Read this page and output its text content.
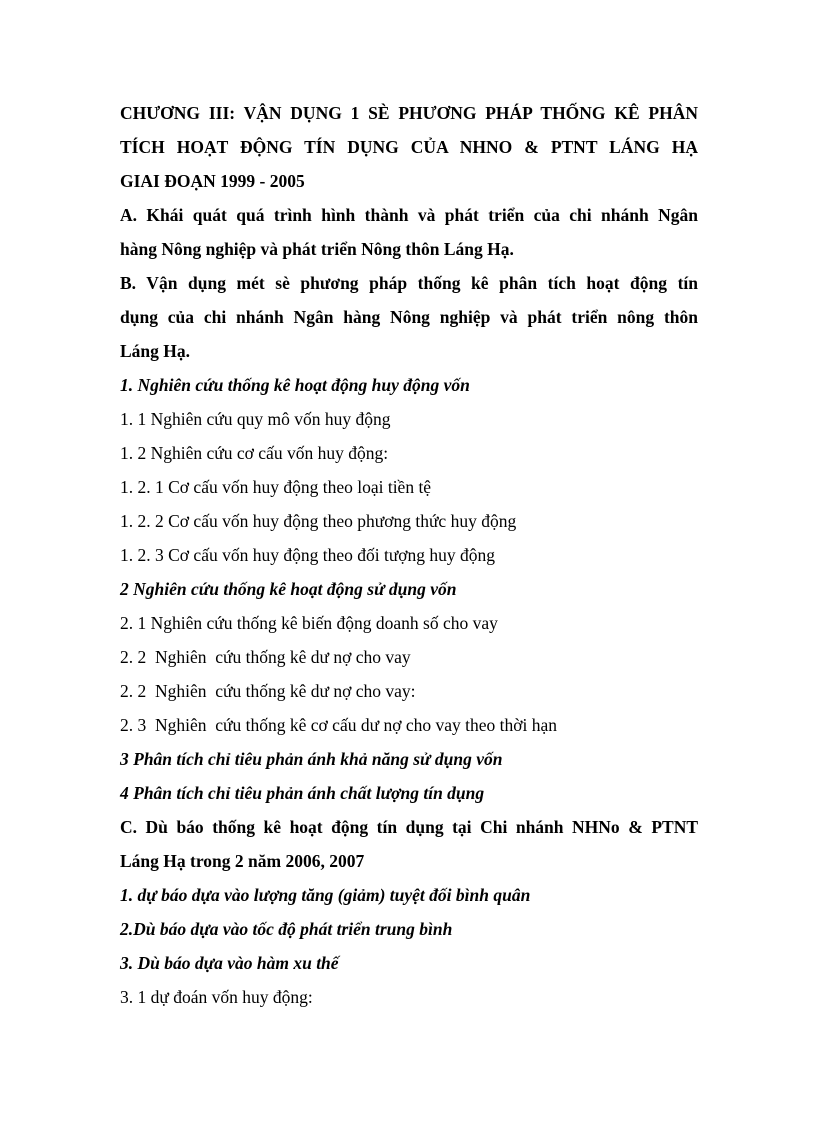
CHƯƠNG III: VẬN DỤNG 1 SÈ PHƯƠNG PHÁP THỐNG KÊ PHÂN
TÍCH HOẠT ĐỘNG TÍN DỤNG CỦA NHNO & PTNT LÁNG HẠ
GIAI ĐOẠN 1999 - 2005
A. Khái quát quá trình hình thành và phát triển của chi nhánh Ngân
hàng Nông nghiệp và phát triển Nông thôn Láng Hạ.
B. Vận dụng mét sè phương pháp thống kê phân tích hoạt động tín
dụng của chi nhánh Ngân hàng Nông nghiệp và phát triển nông thôn
Láng Hạ.
1. Nghiên cứu thống kê hoạt động huy động vốn
1. 1 Nghiên cứu quy mô vốn huy động
1. 2 Nghiên cứu cơ cấu vốn huy động:
1. 2. 1 Cơ cấu vốn huy động theo loại tiền tệ
1. 2. 2 Cơ cấu vốn huy động theo phương thức huy động
1. 2. 3 Cơ cấu vốn huy động theo đối tượng huy động
2 Nghiên cứu thống kê hoạt động sử dụng vốn
2. 1 Nghiên cứu thống kê biến động doanh số cho vay
2. 2  Nghiên  cứu thống kê dư nợ cho vay
2. 2  Nghiên  cứu thống kê dư nợ cho vay:
2. 3  Nghiên  cứu thống kê cơ cấu dư nợ cho vay theo thời hạn
3 Phân tích chỉ tiêu phản ánh khả năng sử dụng vốn
4 Phân tích chỉ tiêu phản ánh chất lượng tín dụng
C. Dù báo thống kê hoạt động tín dụng tại Chi nhánh NHNo & PTNT
Láng Hạ trong 2 năm 2006, 2007
1. dự báo dựa vào lượng tăng (giảm) tuyệt đối bình quân
2.Dù báo dựa vào tốc độ phát triển trung bình
3. Dù báo dựa vào hàm xu thế
3. 1 dự đoán vốn huy động:
